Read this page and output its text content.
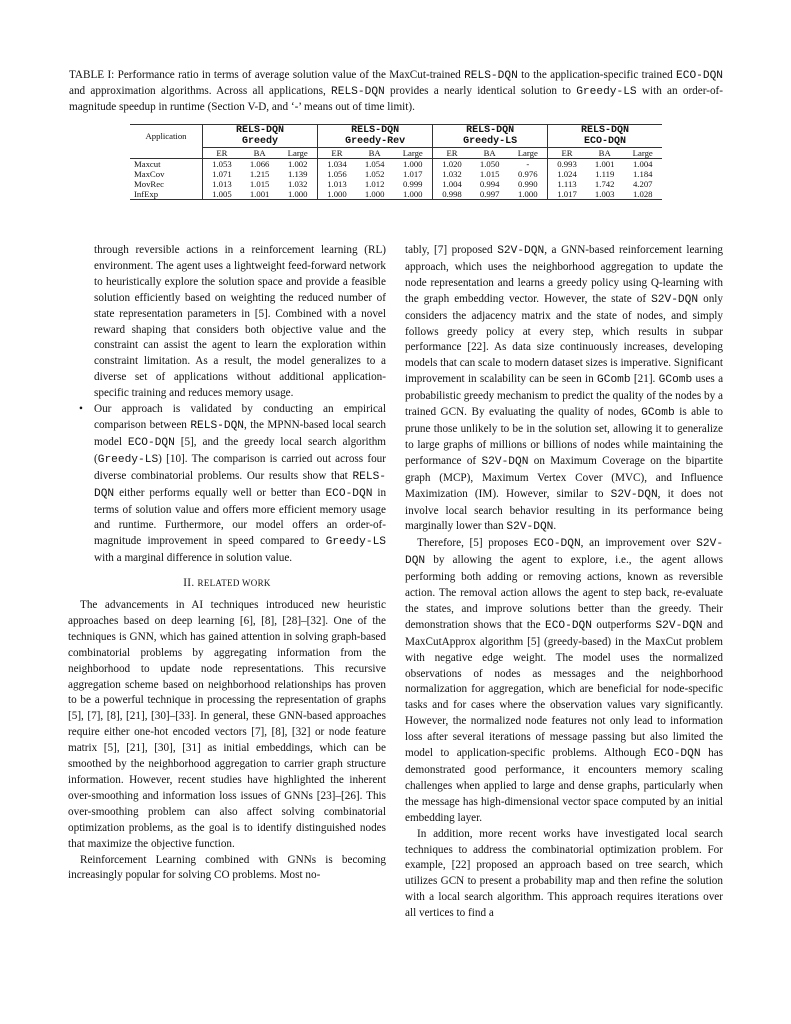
TABLE I: Performance ratio in terms of average solution value of the MaxCut-trained RELS-DQN to the application-specific trained ECO-DQN and approximation algorithms. Across all applications, RELS-DQN provides a nearly identical solution to Greedy-LS with an order-of-magnitude speedup in runtime (Section V-D, and ‘-’ means out of time limit).
Application	RELS-DQN			RELS-DQN			RELS-DQN			RELS-DQN		
	Greedy			Greedy-Rev			Greedy-LS			ECO-DQN		
	ER	BA	Large	ER	BA	Large	ER	BA	Large	ER	BA	Large
Maxcut	1.053	1.066	1.002	1.034	1.054	1.000	1.020	1.050	-	0.993	1.001	1.004
MaxCov	1.071	1.215	1.139	1.056	1.052	1.017	1.032	1.015	0.976	1.024	1.119	1.184
MovRec	1.013	1.015	1.032	1.013	1.012	0.999	1.004	0.994	0.990	1.113	1.742	4.207
InfExp	1.005	1.001	1.000	1.000	1.000	1.000	0.998	0.997	1.000	1.017	1.003	1.028

through reversible actions in a reinforcement learning (RL) environment. The agent uses a lightweight feed-forward network to heuristically explore the solution space and provide a feasible solution efficiently based on weighting the reduced number of state representation parameters in [5]. Combined with a novel reward shaping that considers both objective value and the constraint can assist the agent to learn the exploration within constraint limitation. As a result, the model generalizes to a diverse set of applications without additional application-specific training and reduces memory usage.

• Our approach is validated by conducting an empirical comparison between RELS-DQN, the MPNN-based local search model ECO-DQN [5], and the greedy local search algorithm (Greedy-LS) [10]. The comparison is carried out across four diverse combinatorial problems. Our results show that RELS-DQN either performs equally well or better than ECO-DQN in terms of solution value and offers more efficient memory usage and runtime. Furthermore, our model offers an order-of-magnitude improvement in speed compared to Greedy-LS with a marginal difference in solution value.

II. RELATED WORK

The advancements in AI techniques introduced new heuristic approaches based on deep learning [6], [8], [28]–[32]. One of the techniques is GNN, which has gained attention in solving graph-based combinatorial problems by aggregating information from the neighborhood to update node representations. This recursive aggregation scheme based on neighborhood relationships has proven to be a powerful technique in processing the representation of graphs [5], [7], [8], [21], [30]–[33]. In general, these GNN-based approaches require either one-hot encoded vectors [7], [8], [32] or node feature matrix [5], [21], [30], [31] as initial embeddings, which can be smoothed by the neighborhood aggregation to carrier graph structure information. However, recent studies have highlighted the inherent over-smoothing and information loss issues of GNNs [23]–[26]. This over-smoothing problem can also affect solving combinatorial optimization problems, as the goal is to identify distinguished nodes that maximize the objective function.

Reinforcement Learning combined with GNNs is becoming increasingly popular for solving CO problems. Most no-

tably, [7] proposed S2V-DQN, a GNN-based reinforcement learning approach, which uses the neighborhood aggregation to update the node representation and learns a greedy policy using Q-learning with the graph embedding vector. However, the state of S2V-DQN only considers the adjacency matrix and the state of nodes, and simply follows greedy policy at every step, which results in subpar performance [22]. As data size continuously increases, developing models that can scale to modern dataset sizes is imperative. Significant improvement in scalability can be seen in GComb [21]. GComb uses a probabilistic greedy mechanism to predict the quality of the nodes by a trained GCN. By evaluating the quality of nodes, GComb is able to prune those unlikely to be in the solution set, allowing it to generalize to large graphs of millions or billions of nodes while maintaining the performance of S2V-DQN on Maximum Coverage on the bipartite graph (MCP), Maximum Vertex Cover (MVC), and Influence Maximization (IM). However, similar to S2V-DQN, it does not involve local search behavior resulting in its performance being marginally lower than S2V-DQN.

Therefore, [5] proposes ECO-DQN, an improvement over S2V-DQN by allowing the agent to explore, i.e., the agent allows performing both adding or removing actions, known as reversible action. The removal action allows the agent to step back, re-evaluate the states, and improve solutions better than the greedy. Their demonstration shows that the ECO-DQN outperforms S2V-DQN and MaxCutApprox algorithm [5] (greedy-based) in the MaxCut problem with negative edge weight. The model uses the normalized observations of nodes as messages and the neighborhood normalization for aggregation, which are beneficial for node-specific tasks and for cases where the observation values vary significantly. However, the normalized node features not only lead to information loss after several iterations of message passing but also limited the model to application-specific problems. Although ECO-DQN has demonstrated good performance, it encounters memory scaling challenges when applied to large and dense graphs, particularly when the message has high-dimensional vector space computed by an initial embedding layer.

In addition, more recent works have investigated local search techniques to address the combinatorial optimization problem. For example, [22] proposed an approach based on tree search, which utilizes GCN to present a probability map and then refine the solution with a local search algorithm. This approach requires iterations over all vertices to find a
